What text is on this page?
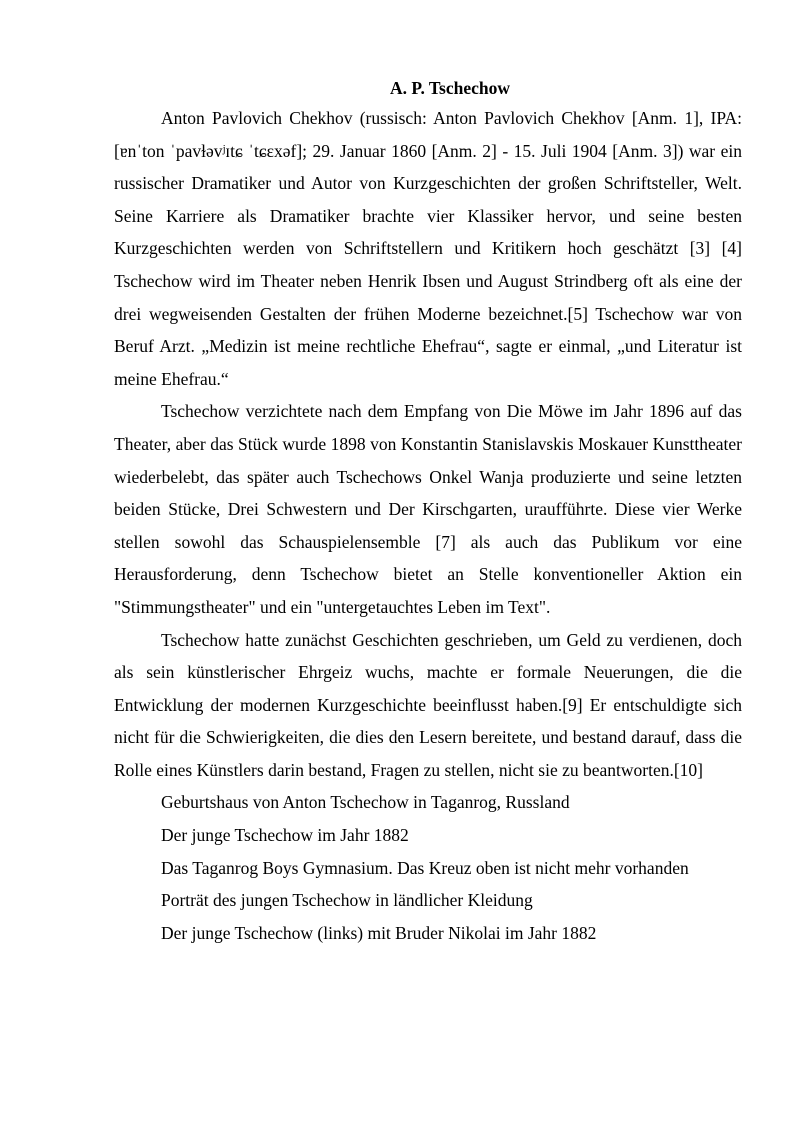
A. P. Tschechow

Anton Pavlovich Chekhov (russisch: Anton Pavlovich Chekhov [Anm. 1], IPA: [ɐnˈton ˈpavɫəvʲɪtɕ ˈtɕɛxəf]; 29. Januar 1860 [Anm. 2] - 15. Juli 1904 [Anm. 3]) war ein russischer Dramatiker und Autor von Kurzgeschichten der großen Schriftsteller, Welt. Seine Karriere als Dramatiker brachte vier Klassiker hervor, und seine besten Kurzgeschichten werden von Schriftstellern und Kritikern hoch geschätzt [3] [4] Tschechow wird im Theater neben Henrik Ibsen und August Strindberg oft als eine der drei wegweisenden Gestalten der frühen Moderne bezeichnet.[5] Tschechow war von Beruf Arzt. „Medizin ist meine rechtliche Ehefrau“, sagte er einmal, „und Literatur ist meine Ehefrau.“

Tschechow verzichtete nach dem Empfang von Die Möwe im Jahr 1896 auf das Theater, aber das Stück wurde 1898 von Konstantin Stanislavskis Moskauer Kunsttheater wiederbelebt, das später auch Tschechows Onkel Wanja produzierte und seine letzten beiden Stücke, Drei Schwestern und Der Kirschgarten, uraufführte. Diese vier Werke stellen sowohl das Schauspielensemble [7] als auch das Publikum vor eine Herausforderung, denn Tschechow bietet an Stelle konventioneller Aktion ein "Stimmungstheater" und ein "untergetauchtes Leben im Text".

Tschechow hatte zunächst Geschichten geschrieben, um Geld zu verdienen, doch als sein künstlerischer Ehrgeiz wuchs, machte er formale Neuerungen, die die Entwicklung der modernen Kurzgeschichte beeinflusst haben.[9] Er entschuldigte sich nicht für die Schwierigkeiten, die dies den Lesern bereitete, und bestand darauf, dass die Rolle eines Künstlers darin bestand, Fragen zu stellen, nicht sie zu beantworten.[10]

Geburtshaus von Anton Tschechow in Taganrog, Russland

Der junge Tschechow im Jahr 1882

Das Taganrog Boys Gymnasium. Das Kreuz oben ist nicht mehr vorhanden

Porträt des jungen Tschechow in ländlicher Kleidung

Der junge Tschechow (links) mit Bruder Nikolai im Jahr 1882
